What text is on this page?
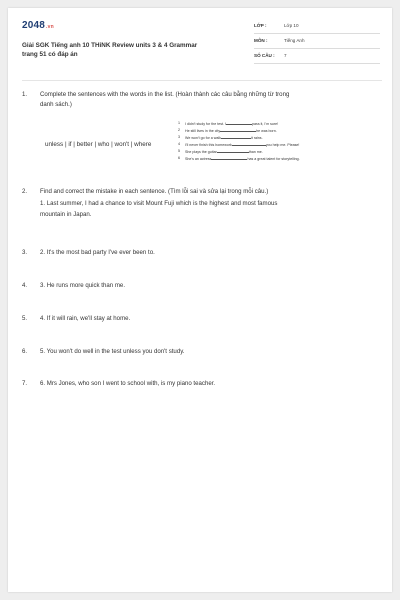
2048.vn
Giải SGK Tiếng anh 10 THiNK Review units 3 & 4 Grammar
trang 51 có đáp án
LỚP :	Lớp 10
MÔN :	Tiếng Anh
SỐ CÂU : 7
1.	Complete the sentences with the words in the list. (Hoàn thành các câu bằng những từ trong
danh sách.)
unless | if | better | who | won't | where
1	I didn't study for the test. I	pass it, I'm sure!
2	He still lives in the city	he was born.
3	We won't go for a walk	it rains.
4	I'll never finish this homework	you help me. Please!
5	She plays the guitar	than me.
6	She's an actress	has a great talent for storytelling.
2.	Find and correct the mistake in each sentence. (Tìm lỗi sai và sửa lại trong mỗi câu.)
1. Last summer, I had a chance to visit Mount Fuji which is the highest and most famous
mountain in Japan.
3.	2. It's the most bad party I've ever been to.
4.	3. He runs more quick than me.
5.	4. If it will rain, we'll stay at home.
6.	5. You won't do well in the test unless you don't study.
7.	6. Mrs Jones, who son I went to school with, is my piano teacher.
